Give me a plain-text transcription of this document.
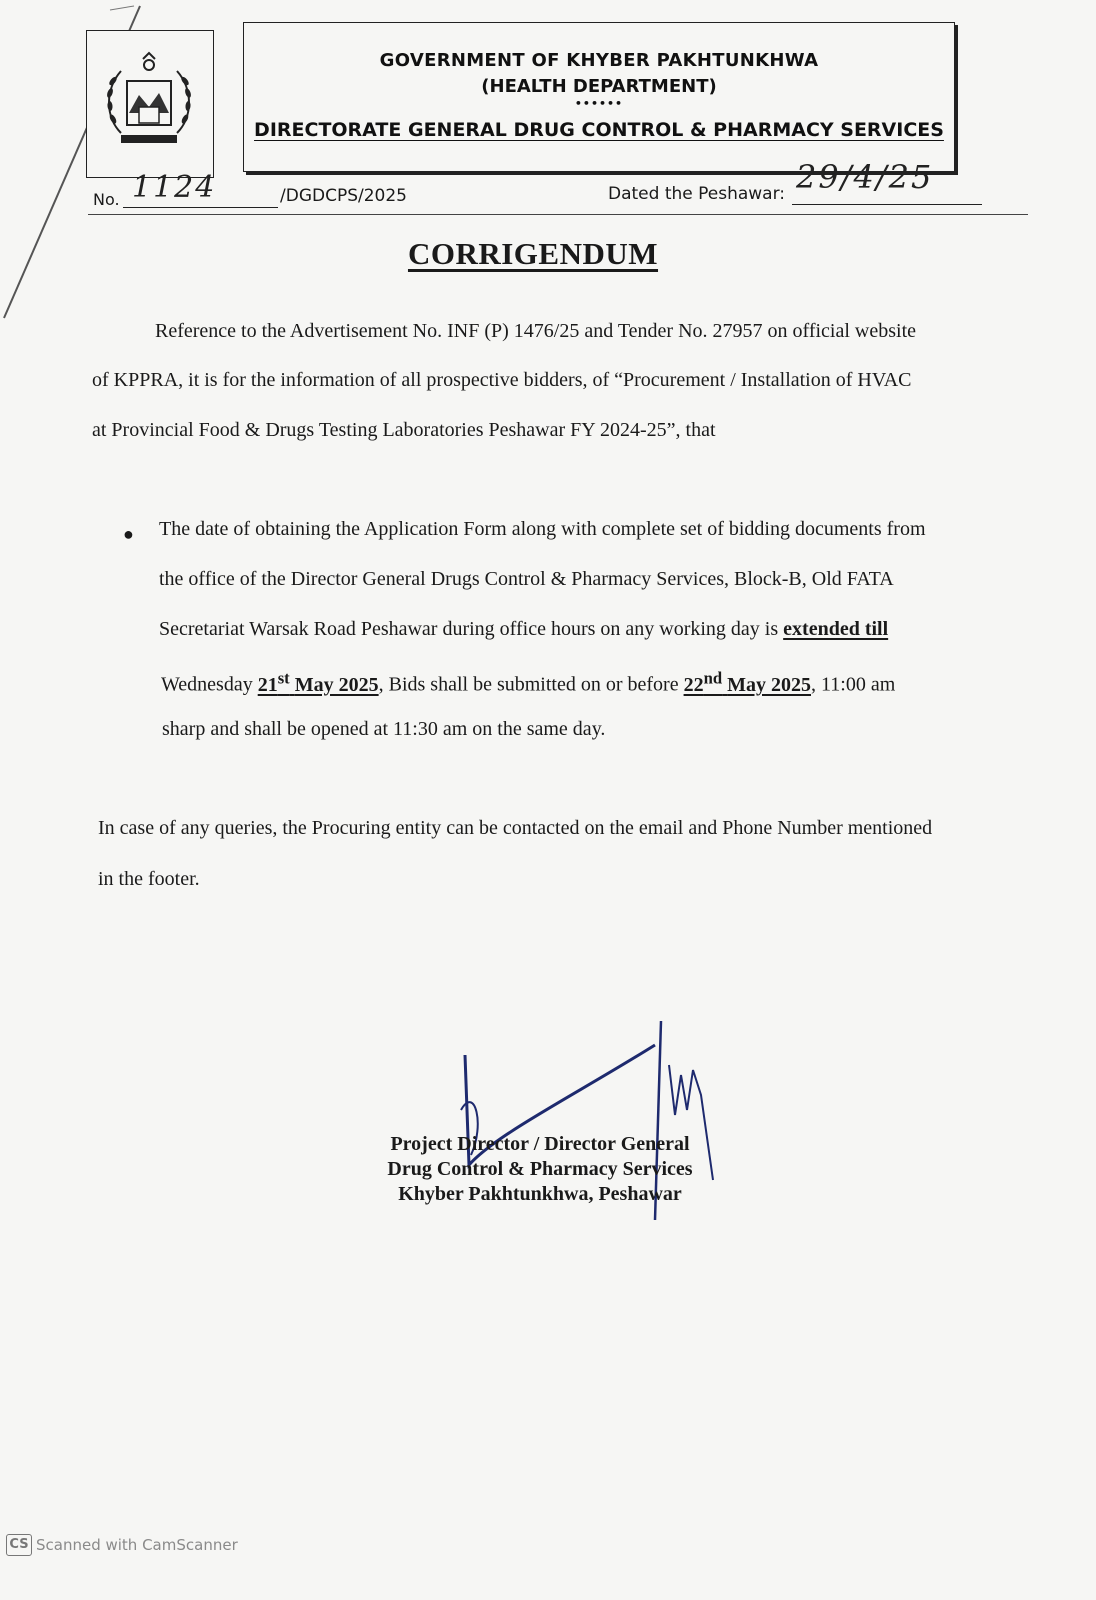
GOVERNMENT OF KHYBER PAKHTUNKHWA
(HEALTH DEPARTMENT)
••••••
DIRECTORATE GENERAL DRUG CONTROL & PHARMACY SERVICES
No. 1124	/DGDCPS/2025	Dated the Peshawar: 29/4/25
CORRIGENDUM
Reference to the Advertisement No. INF (P) 1476/25 and Tender No. 27957 on official website
of KPPRA, it is for the information of all prospective bidders, of “Procurement / Installation of HVAC
at Provincial Food & Drugs Testing Laboratories Peshawar FY 2024-25”, that
● The date of obtaining the Application Form along with complete set of bidding documents from
the office of the Director General Drugs Control & Pharmacy Services, Block-B, Old FATA
Secretariat Warsak Road Peshawar during office hours on any working day is extended till
Wednesday 21st May 2025, Bids shall be submitted on or before 22nd May 2025, 11:00 am
sharp and shall be opened at 11:30 am on the same day.
In case of any queries, the Procuring entity can be contacted on the email and Phone Number mentioned
in the footer.
Project Director / Director General
Drug Control & Pharmacy Services
Khyber Pakhtunkhwa, Peshawar
CS Scanned with CamScanner
